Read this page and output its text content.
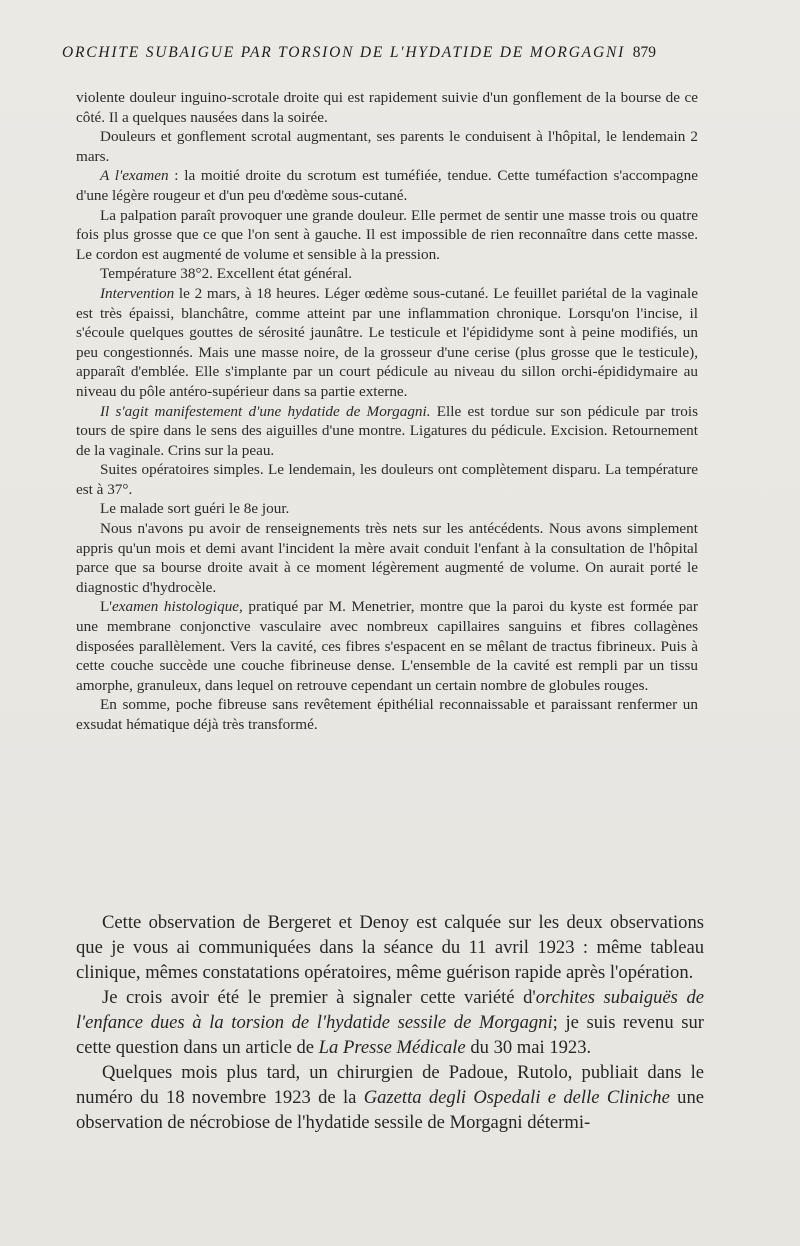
ORCHITE SUBAIGUE PAR TORSION DE L'HYDATIDE DE MORGAGNI 879

violente douleur inguino-scrotale droite qui est rapidement suivie d'un gonflement de la bourse de ce côté. Il a quelques nausées dans la soirée.

Douleurs et gonflement scrotal augmentant, ses parents le conduisent à l'hôpital, le lendemain 2 mars.

A l'examen : la moitié droite du scrotum est tuméfiée, tendue. Cette tuméfaction s'accompagne d'une légère rougeur et d'un peu d'œdème sous-cutané.

La palpation paraît provoquer une grande douleur. Elle permet de sentir une masse trois ou quatre fois plus grosse que ce que l'on sent à gauche. Il est impossible de rien reconnaître dans cette masse. Le cordon est augmenté de volume et sensible à la pression.

Température 38°2. Excellent état général.

Intervention le 2 mars, à 18 heures. Léger œdème sous-cutané. Le feuillet pariétal de la vaginale est très épaissi, blanchâtre, comme atteint par une inflammation chronique. Lorsqu'on l'incise, il s'écoule quelques gouttes de sérosité jaunâtre. Le testicule et l'épididyme sont à peine modifiés, un peu congestionnés. Mais une masse noire, de la grosseur d'une cerise (plus grosse que le testicule), apparaît d'emblée. Elle s'implante par un court pédicule au niveau du sillon orchi-épididymaire au niveau du pôle antéro-supérieur dans sa partie externe.

Il s'agit manifestement d'une hydatide de Morgagni. Elle est tordue sur son pédicule par trois tours de spire dans le sens des aiguilles d'une montre. Ligatures du pédicule. Excision. Retournement de la vaginale. Crins sur la peau.

Suites opératoires simples. Le lendemain, les douleurs ont complètement disparu. La température est à 37°.

Le malade sort guéri le 8e jour.

Nous n'avons pu avoir de renseignements très nets sur les antécédents. Nous avons simplement appris qu'un mois et demi avant l'incident la mère avait conduit l'enfant à la consultation de l'hôpital parce que sa bourse droite avait à ce moment légèrement augmenté de volume. On aurait porté le diagnostic d'hydrocèle.

L'examen histologique, pratiqué par M. Menetrier, montre que la paroi du kyste est formée par une membrane conjonctive vasculaire avec nombreux capillaires sanguins et fibres collagènes disposées parallèlement. Vers la cavité, ces fibres s'espacent en se mêlant de tractus fibrineux. Puis à cette couche succède une couche fibrineuse dense. L'ensemble de la cavité est rempli par un tissu amorphe, granuleux, dans lequel on retrouve cependant un certain nombre de globules rouges.

En somme, poche fibreuse sans revêtement épithélial reconnaissable et paraissant renfermer un exsudat hématique déjà très transformé.

Cette observation de Bergeret et Denoy est calquée sur les deux observations que je vous ai communiquées dans la séance du 11 avril 1923 : même tableau clinique, mêmes constatations opératoires, même guérison rapide après l'opération.

Je crois avoir été le premier à signaler cette variété d'orchites subaiguës de l'enfance dues à la torsion de l'hydatide sessile de Morgagni; je suis revenu sur cette question dans un article de La Presse Médicale du 30 mai 1923.

Quelques mois plus tard, un chirurgien de Padoue, Rutolo, publiait dans le numéro du 18 novembre 1923 de la Gazetta degli Ospedali e delle Cliniche une observation de nécrobiose de l'hydatide sessile de Morgagni détermi-
